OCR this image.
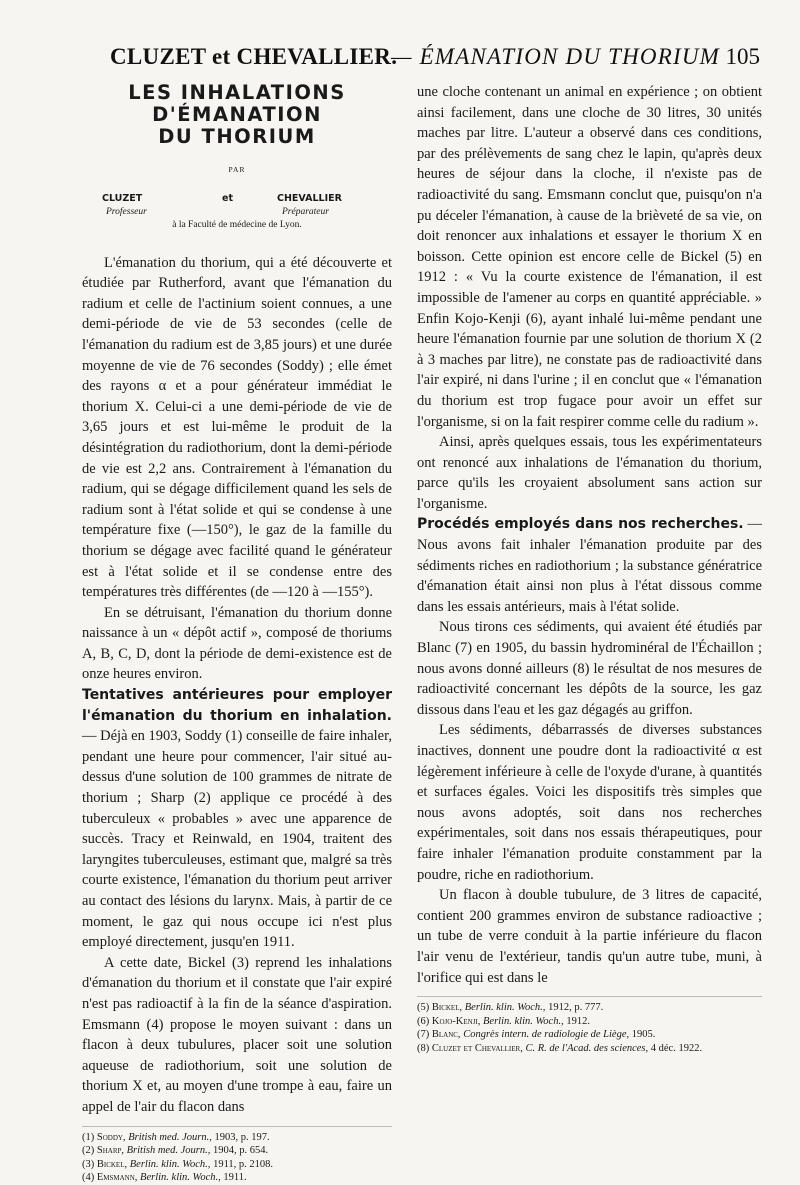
CLUZET et CHEVALLIER.
— ÉMANATION DU THORIUM 105
LES INHALATIONS
D'ÉMANATION
DU THORIUM
PAR
CLUZET	et	CHEVALLIER
Professeur	Préparateur
à la Faculté de médecine de Lyon.

L'émanation du thorium, qui a été découverte et étudiée par Rutherford, avant que l'émanation du radium et celle de l'actinium soient connues, a une demi-période de vie de 53 secondes (celle de l'émanation du radium est de 3,85 jours) et une durée moyenne de vie de 76 secondes (Soddy) ; elle émet des rayons α et a pour générateur immédiat le thorium X. Celui-ci a une demi-période de vie de 3,65 jours et est lui-même le produit de la désintégration du radiothorium, dont la demi-période de vie est 2,2 ans. Contrairement à l'émanation du radium, qui se dégage difficilement quand les sels de radium sont à l'état solide et qui se condense à une température fixe (—150°), le gaz de la famille du thorium se dégage avec facilité quand le générateur est à l'état solide et il se condense entre des températures très différentes (de —120 à —155°).

En se détruisant, l'émanation du thorium donne naissance à un « dépôt actif », composé de thoriums A, B, C, D, dont la période de demi-existence est de onze heures environ.

Tentatives antérieures pour employer l'émanation du thorium en inhalation. — Déjà en 1903, Soddy (1) conseille de faire inhaler, pendant une heure pour commencer, l'air situé au-dessus d'une solution de 100 grammes de nitrate de thorium ; Sharp (2) applique ce procédé à des tuberculeux « probables » avec une apparence de succès. Tracy et Reinwald, en 1904, traitent des laryngites tuberculeuses, estimant que, malgré sa très courte existence, l'émanation du thorium peut arriver au contact des lésions du larynx. Mais, à partir de ce moment, le gaz qui nous occupe ici n'est plus employé directement, jusqu'en 1911.

A cette date, Bickel (3) reprend les inhalations d'émanation du thorium et il constate que l'air expiré n'est pas radioactif à la fin de la séance d'aspiration. Emsmann (4) propose le moyen suivant : dans un flacon à deux tubulures, placer soit une solution aqueuse de radiothorium, soit une solution de thorium X et, au moyen d'une trompe à eau, faire un appel de l'air du flacon dans

(1) Soddy, British med. Journ., 1903, p. 197.

(2) Sharp, British med. Journ., 1904, p. 654.

(3) Bickel, Berlin. klin. Woch., 1911, p. 2108.

(4) Emsmann, Berlin. klin. Woch., 1911.

une cloche contenant un animal en expérience ; on obtient ainsi facilement, dans une cloche de 30 litres, 30 unités maches par litre. L'auteur a observé dans ces conditions, par des prélèvements de sang chez le lapin, qu'après deux heures de séjour dans la cloche, il n'existe pas de radioactivité du sang. Emsmann conclut que, puisqu'on n'a pu déceler l'émanation, à cause de la brièveté de sa vie, on doit renoncer aux inhalations et essayer le thorium X en boisson. Cette opinion est encore celle de Bickel (5) en 1912 : « Vu la courte existence de l'émanation, il est impossible de l'amener au corps en quantité appréciable. » Enfin Kojo-Kenji (6), ayant inhalé lui-même pendant une heure l'émanation fournie par une solution de thorium X (2 à 3 maches par litre), ne constate pas de radioactivité dans l'air expiré, ni dans l'urine ; il en conclut que « l'émanation du thorium est trop fugace pour avoir un effet sur l'organisme, si on la fait respirer comme celle du radium ».

Ainsi, après quelques essais, tous les expérimentateurs ont renoncé aux inhalations de l'émanation du thorium, parce qu'ils les croyaient absolument sans action sur l'organisme.

Procédés employés dans nos recherches. — Nous avons fait inhaler l'émanation produite par des sédiments riches en radiothorium ; la substance génératrice d'émanation était ainsi non plus à l'état dissous comme dans les essais antérieurs, mais à l'état solide.

Nous tirons ces sédiments, qui avaient été étudiés par Blanc (7) en 1905, du bassin hydrominéral de l'Échaillon ; nous avons donné ailleurs (8) le résultat de nos mesures de radioactivité concernant les dépôts de la source, les gaz dissous dans l'eau et les gaz dégagés au griffon.

Les sédiments, débarrassés de diverses substances inactives, donnent une poudre dont la radioactivité α est légèrement inférieure à celle de l'oxyde d'urane, à quantités et surfaces égales. Voici les dispositifs très simples que nous avons adoptés, soit dans nos recherches expérimentales, soit dans nos essais thérapeutiques, pour faire inhaler l'émanation produite constamment par la poudre, riche en radiothorium.

Un flacon à double tubulure, de 3 litres de capacité, contient 200 grammes environ de substance radioactive ; un tube de verre conduit à la partie inférieure du flacon l'air venu de l'extérieur, tandis qu'un autre tube, muni, à l'orifice qui est dans le

(5) Bickel, Berlin. klin. Woch., 1912, p. 777.

(6) Kojo-Kenji, Berlin. klin. Woch., 1912.

(7) Blanc, Congrès intern. de radiologie de Liège, 1905.

(8) Cluzet et Chevallier, C. R. de l'Acad. des sciences, 4 déc. 1922.
